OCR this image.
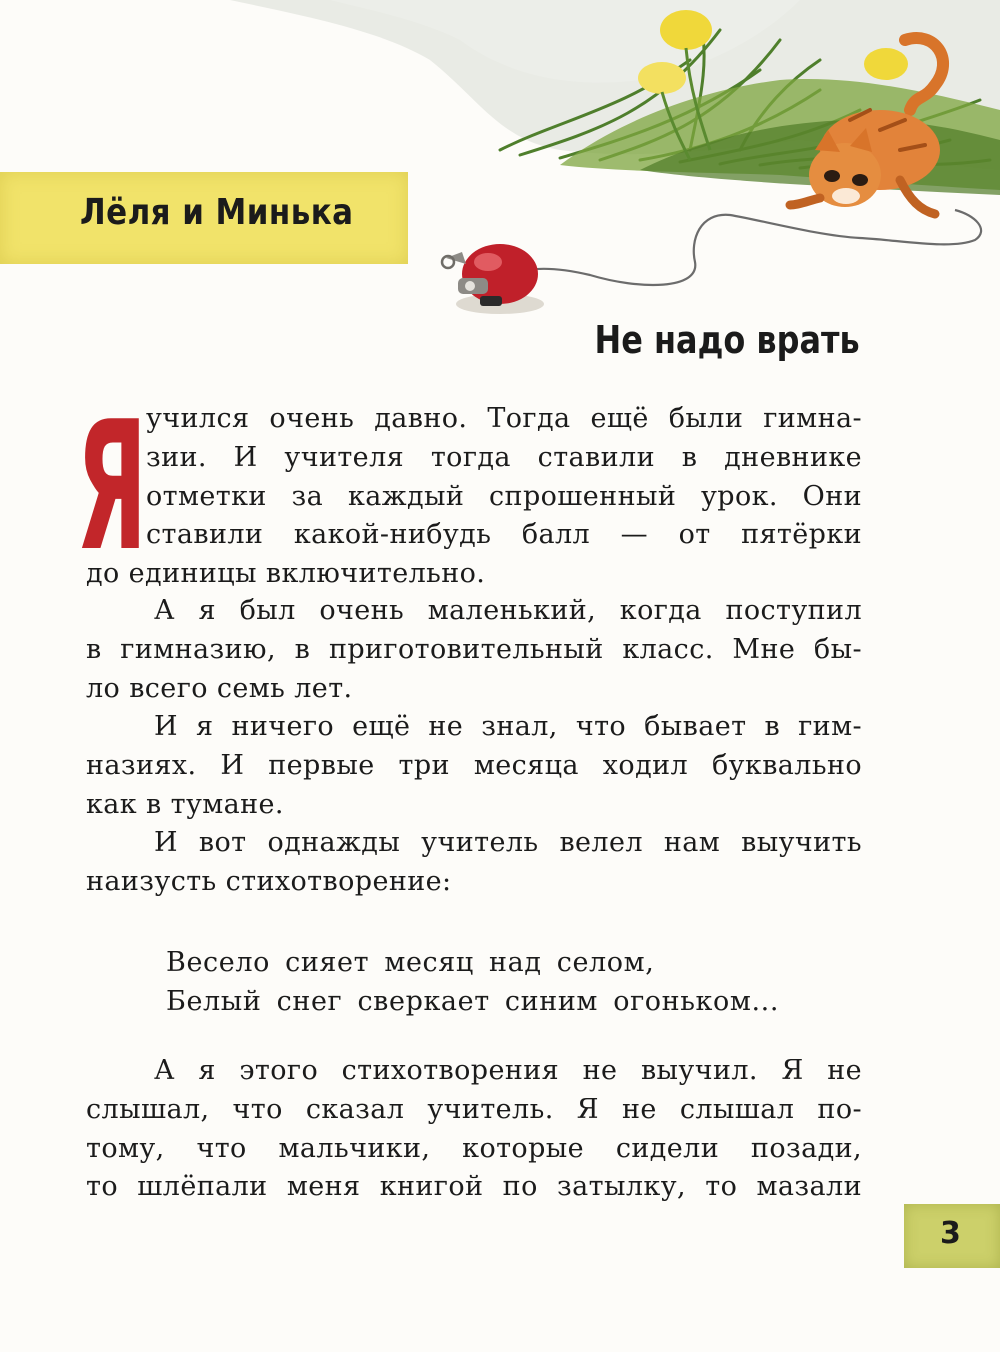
Лёля и Минька
Не надо врать
Я
учился очень давно. Тогда ещё были гимна-
зии. И учителя тогда ставили в дневнике
отметки за каждый спрошенный урок. Они
ставили какой-нибудь балл — от пятёрки
до единицы включительно.
А я был очень маленький, когда поступил
в гимназию, в приготовительный класс. Мне бы-
ло всего семь лет.
И я ничего ещё не знал, что бывает в гим-
назиях. И первые три месяца ходил буквально
как в тумане.
И вот однажды учитель велел нам выучить
наизусть стихотворение:
Весело сияет месяц над селом,
Белый снег сверкает синим огоньком...
А я этого стихотворения не выучил. Я не
слышал, что сказал учитель. Я не слышал по-
тому, что мальчики, которые сидели позади,
то шлёпали меня книгой по затылку, то мазали
3
